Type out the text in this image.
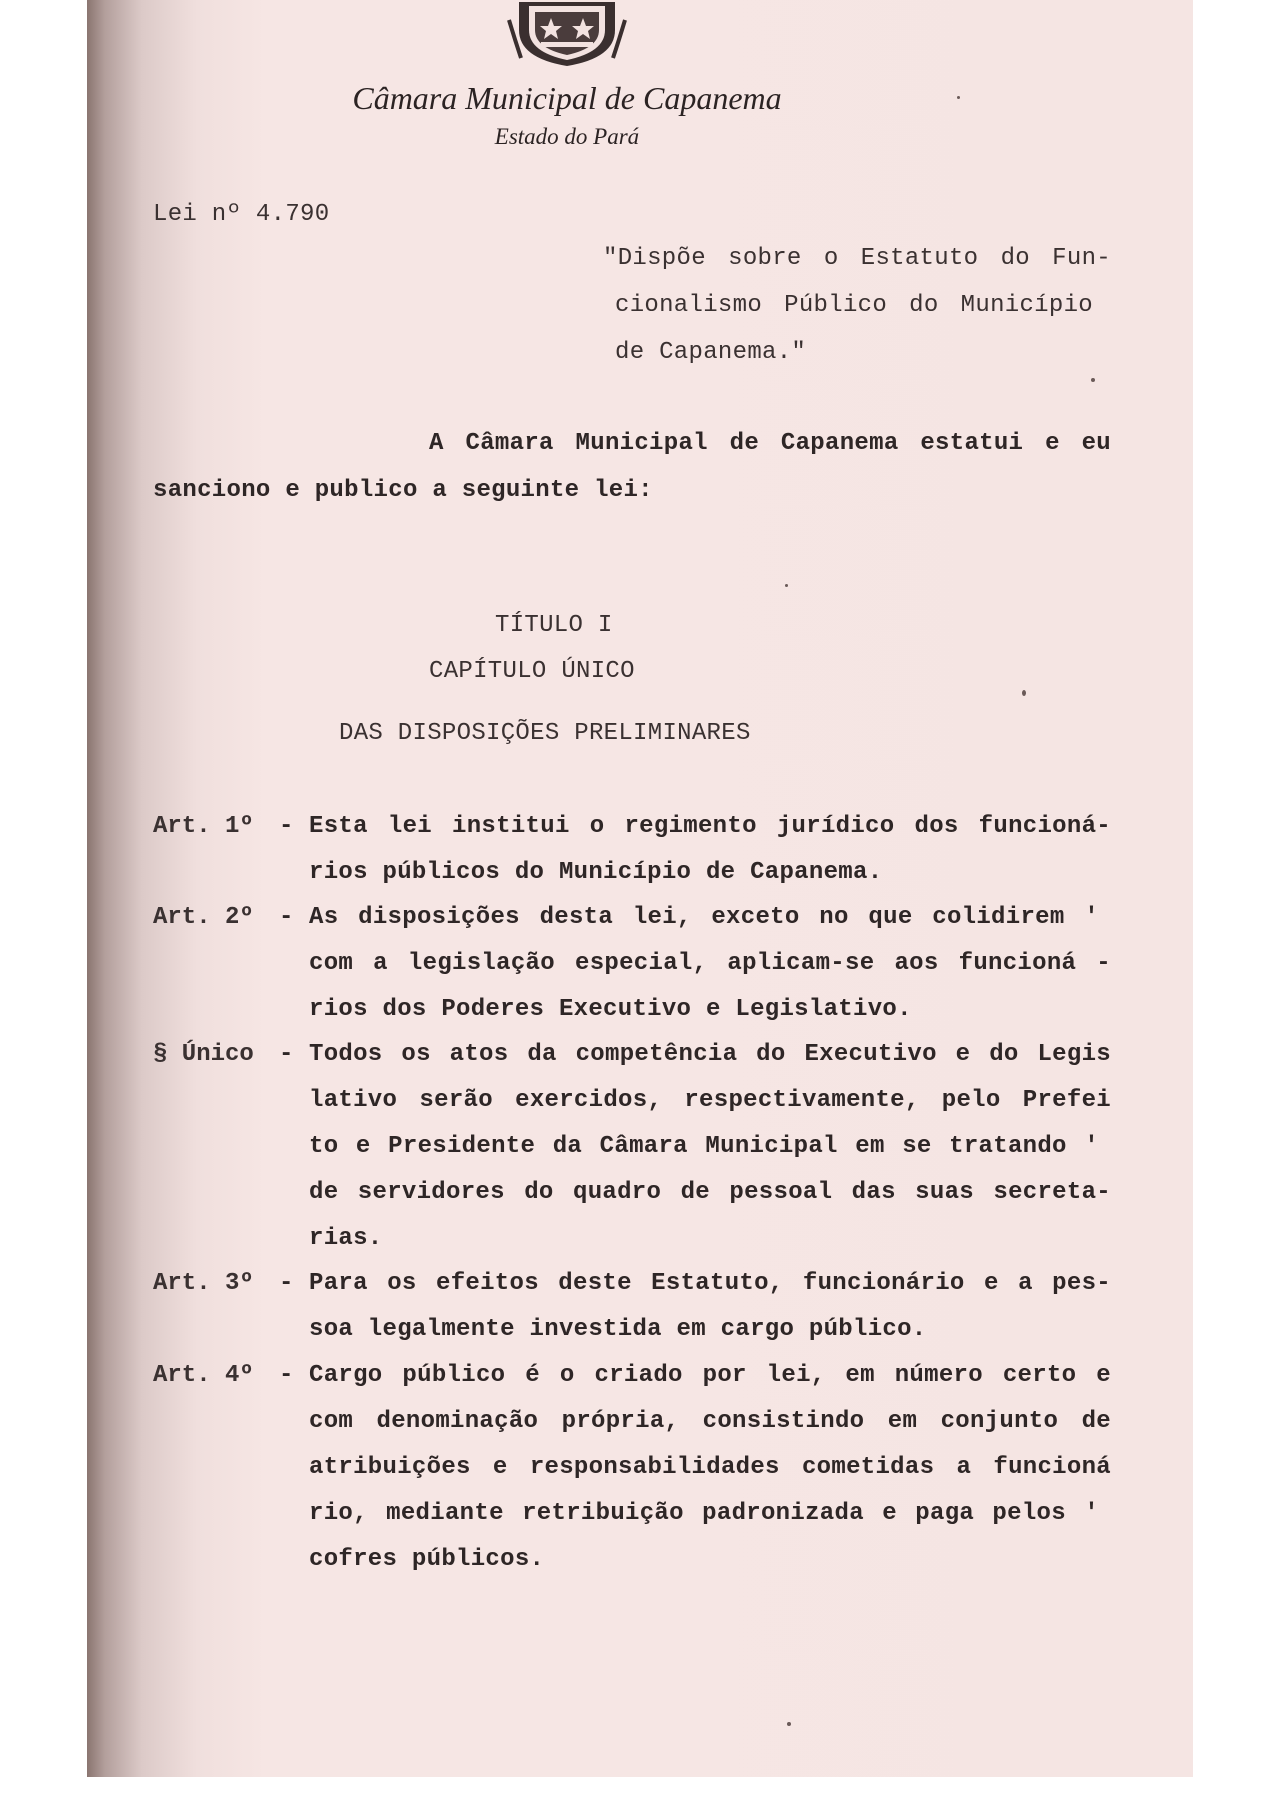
Câmara Municipal de Capanema
Estado do Pará
Lei nº 4.790
"Dispõe sobre o Estatuto do Fun-
cionalismo Público do Município
de Capanema."
A Câmara Municipal de Capanema estatui e eu
sanciono e publico a seguinte lei:
TÍTULO I
CAPÍTULO ÚNICO
DAS DISPOSIÇÕES PRELIMINARES
Art. 1º - Esta lei institui o regimento jurídico dos funcioná-
rios públicos do Município de Capanema.
Art. 2º - As disposições desta lei, exceto no que colidirem '
com a legislação especial, aplicam-se aos funcioná -
rios dos Poderes Executivo e Legislativo.
§ Único - Todos os atos da competência do Executivo e do Legis
lativo serão exercidos, respectivamente, pelo Prefei
to e Presidente da Câmara Municipal em se tratando '
de servidores do quadro de pessoal das suas secreta-
rias.
Art. 3º - Para os efeitos deste Estatuto, funcionário e a pes-
soa legalmente investida em cargo público.
Art. 4º - Cargo público é o criado por lei, em número certo e
com denominação própria, consistindo em conjunto de
atribuições e responsabilidades cometidas a funcioná
rio, mediante retribuição padronizada e paga pelos '
cofres públicos.
